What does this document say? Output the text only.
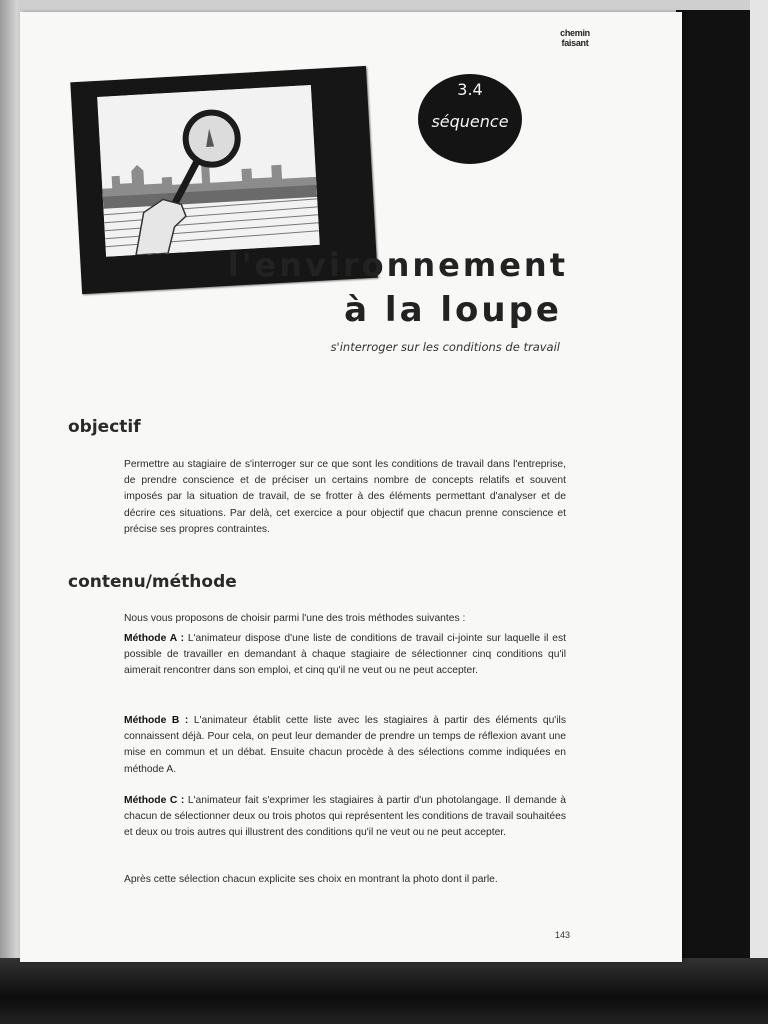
chemin
faisant
3.4
séquence
l'environnement
à la loupe
s'interroger sur les conditions de travail
objectif
Permettre au stagiaire de s'interroger sur ce que sont les conditions de travail dans l'entreprise, de prendre conscience et de préciser un certains nombre de concepts relatifs et souvent imposés par la situation de travail, de se frotter à des éléments permettant d'analyser et de décrire ces situations. Par delà, cet exercice a pour objectif que chacun prenne conscience et précise ses propres contraintes.
contenu/méthode
Nous vous proposons de choisir parmi l'une des trois méthodes suivantes :
Méthode A : L'animateur dispose d'une liste de conditions de travail ci-jointe sur laquelle il est possible de travailler en demandant à chaque stagiaire de sélectionner cinq conditions qu'il aimerait rencontrer dans son emploi, et cinq qu'il ne veut ou ne peut accepter.
Méthode B : L'animateur établit cette liste avec les stagiaires à partir des éléments qu'ils connaissent déjà. Pour cela, on peut leur demander de prendre un temps de réflexion avant une mise en commun et un débat. Ensuite chacun procède à des sélections comme indiquées en méthode A.
Méthode C : L'animateur fait s'exprimer les stagiaires à partir d'un photolangage. Il demande à chacun de sélectionner deux ou trois photos qui représentent les conditions de travail souhaitées et deux ou trois autres qui illustrent des conditions qu'il ne veut ou ne peut accepter.
Après cette sélection chacun explicite ses choix en montrant la photo dont il parle.
143
